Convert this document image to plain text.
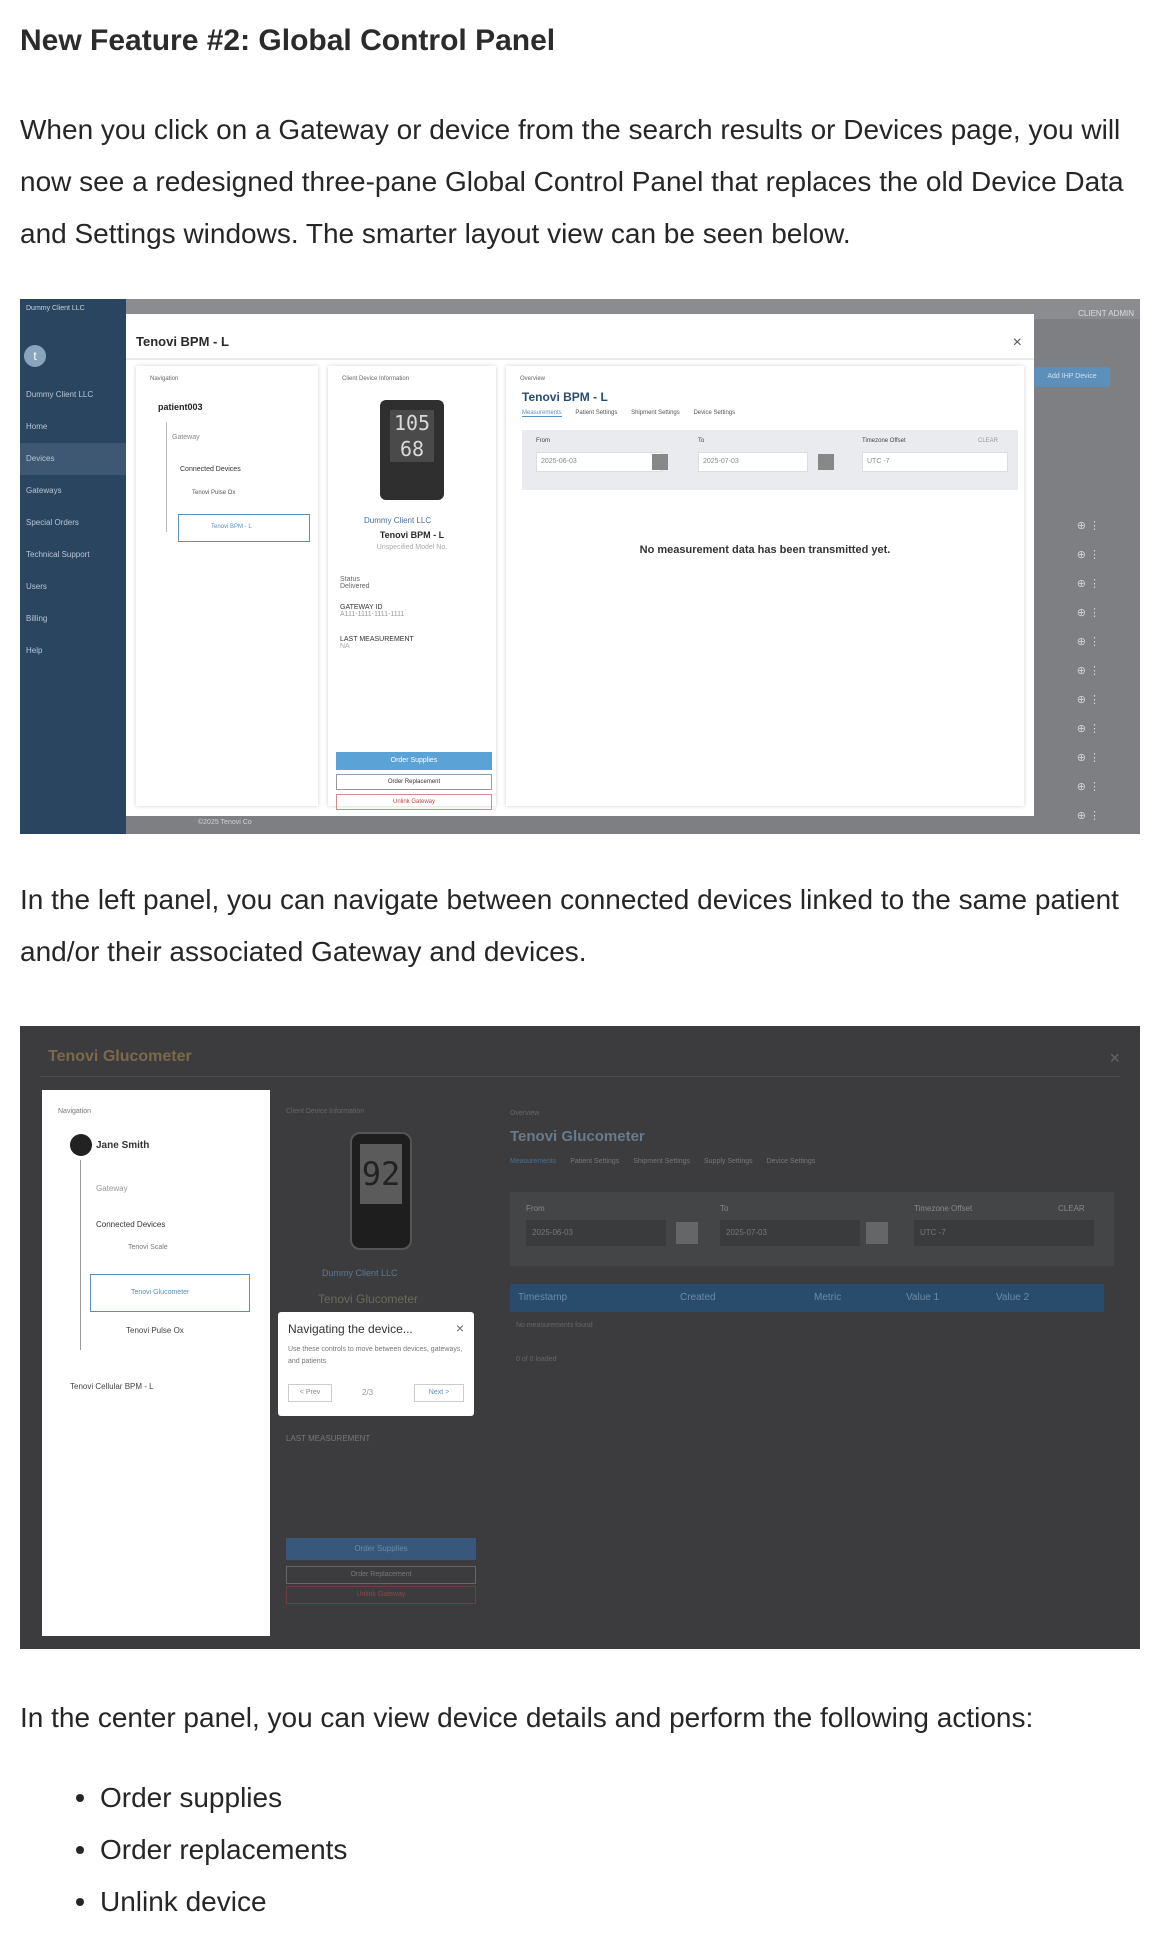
New Feature #2: Global Control Panel

When you click on a Gateway or device from the search results or Devices page, you will now see a redesigned three-pane Global Control Panel that replaces the old Device Data and Settings windows. The smarter layout view can be seen below.

Dummy Client LLC
t
Dummy Client LLC
Home
Devices
Gateways
Special Orders
Technical Support
Users
Billing
Help
CLIENT ADMIN
Add IHP Device
⊕ ⋮
⊕ ⋮
⊕ ⋮
⊕ ⋮
⊕ ⋮
⊕ ⋮
⊕ ⋮
⊕ ⋮
⊕ ⋮
⊕ ⋮
⊕ ⋮
©2025 Tenovi Co
Tenovi BPM - L	×
Navigation
patient003
Gateway
Connected Devices
Tenovi Pulse Ox
Tenovi BPM - L
Client Device Information
105 68
Dummy Client LLC
Tenovi BPM - L
Unspecified Model No.
Status
Delivered
GATEWAY ID
A111-1111-1111-1111
LAST MEASUREMENT
NA
Order Supplies
Order Replacement
Unlink Gateway
Overview
Tenovi BPM - L
Measurements Patient Settings Shipment Settings Device Settings
From
2025-06-03
To
2025-07-03
Timezone Offset	CLEAR
UTC -7
No measurement data has been transmitted yet.

In the left panel, you can navigate between connected devices linked to the same patient and/or their associated Gateway and devices.

Tenovi Glucometer	×
Navigation
Jane Smith
Gateway
Connected Devices
Tenovi Scale
Tenovi Glucometer
Tenovi Pulse Ox
Tenovi Cellular BPM - L
Client Device Information
92
Dummy Client LLC
Tenovi Glucometer
LAST MEASUREMENT
Order Supplies
Order Replacement
Unlink Gateway
Navigating the device...	×
Use these controls to move between devices, gateways, and patients
< Prev	2/3	Next >
Overview
Tenovi Glucometer
Measurements Patient Settings Shipment Settings Supply Settings Device Settings
From
2025-06-03
To
2025-07-03
Timezone Offset	CLEAR
UTC -7
Timestamp	Created	Metric	Value 1	Value 2
No measurements found
0 of 0 loaded

In the center panel, you can view device details and perform the following actions:

Order supplies
Order replacements
Unlink device
